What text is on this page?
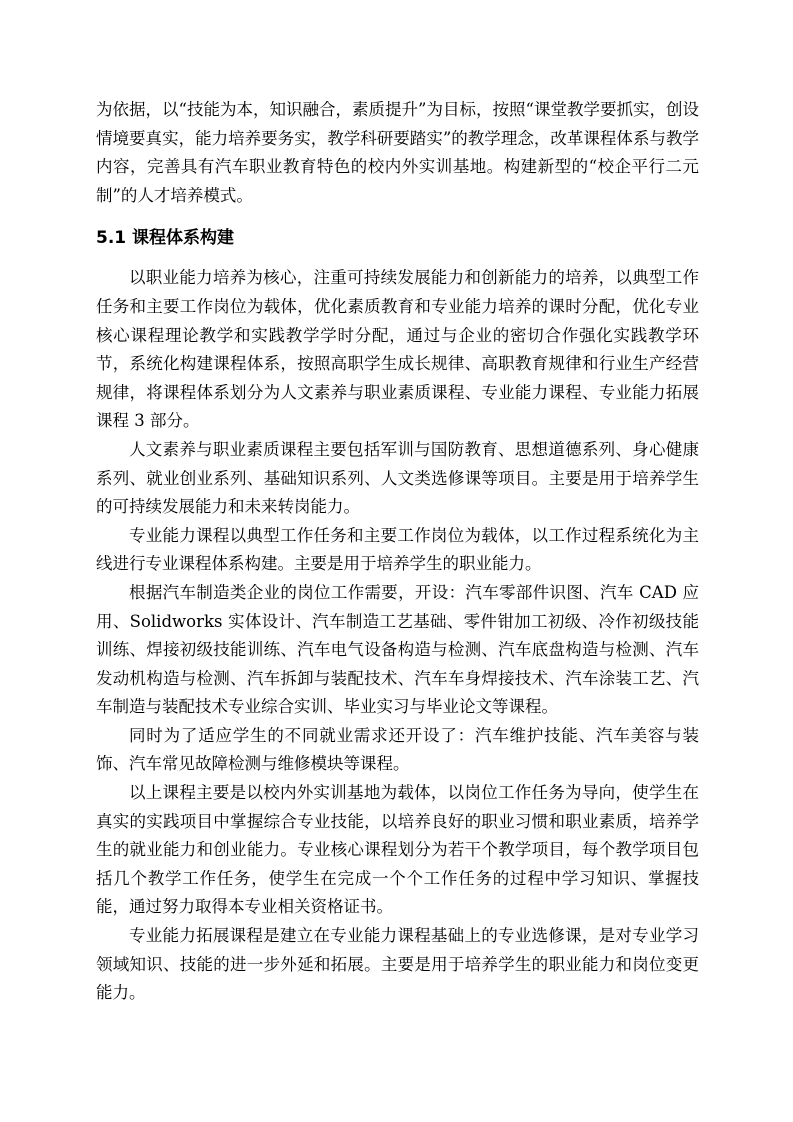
为依据，以“技能为本，知识融合，素质提升”为目标，按照“课堂教学要抓实，创设情境要真实，能力培养要务实，教学科研要踏实”的教学理念，改革课程体系与教学内容，完善具有汽车职业教育特色的校内外实训基地。构建新型的“校企平行二元制”的人才培养模式。

5.1 课程体系构建

以职业能力培养为核心，注重可持续发展能力和创新能力的培养，以典型工作任务和主要工作岗位为载体，优化素质教育和专业能力培养的课时分配，优化专业核心课程理论教学和实践教学学时分配，通过与企业的密切合作强化实践教学环节，系统化构建课程体系，按照高职学生成长规律、高职教育规律和行业生产经营规律，将课程体系划分为人文素养与职业素质课程、专业能力课程、专业能力拓展课程 3 部分。

人文素养与职业素质课程主要包括军训与国防教育、思想道德系列、身心健康系列、就业创业系列、基础知识系列、人文类选修课等项目。主要是用于培养学生的可持续发展能力和未来转岗能力。

专业能力课程以典型工作任务和主要工作岗位为载体，以工作过程系统化为主线进行专业课程体系构建。主要是用于培养学生的职业能力。

根据汽车制造类企业的岗位工作需要，开设：汽车零部件识图、汽车 CAD 应用、Solidworks 实体设计、汽车制造工艺基础、零件钳加工初级、冷作初级技能训练、焊接初级技能训练、汽车电气设备构造与检测、汽车底盘构造与检测、汽车发动机构造与检测、汽车拆卸与装配技术、汽车车身焊接技术、汽车涂装工艺、汽车制造与装配技术专业综合实训、毕业实习与毕业论文等课程。

同时为了适应学生的不同就业需求还开设了：汽车维护技能、汽车美容与装饰、汽车常见故障检测与维修模块等课程。

以上课程主要是以校内外实训基地为载体，以岗位工作任务为导向，使学生在真实的实践项目中掌握综合专业技能，以培养良好的职业习惯和职业素质，培养学生的就业能力和创业能力。专业核心课程划分为若干个教学项目，每个教学项目包括几个教学工作任务，使学生在完成一个个工作任务的过程中学习知识、掌握技能，通过努力取得本专业相关资格证书。

专业能力拓展课程是建立在专业能力课程基础上的专业选修课，是对专业学习领域知识、技能的进一步外延和拓展。主要是用于培养学生的职业能力和岗位变更能力。
